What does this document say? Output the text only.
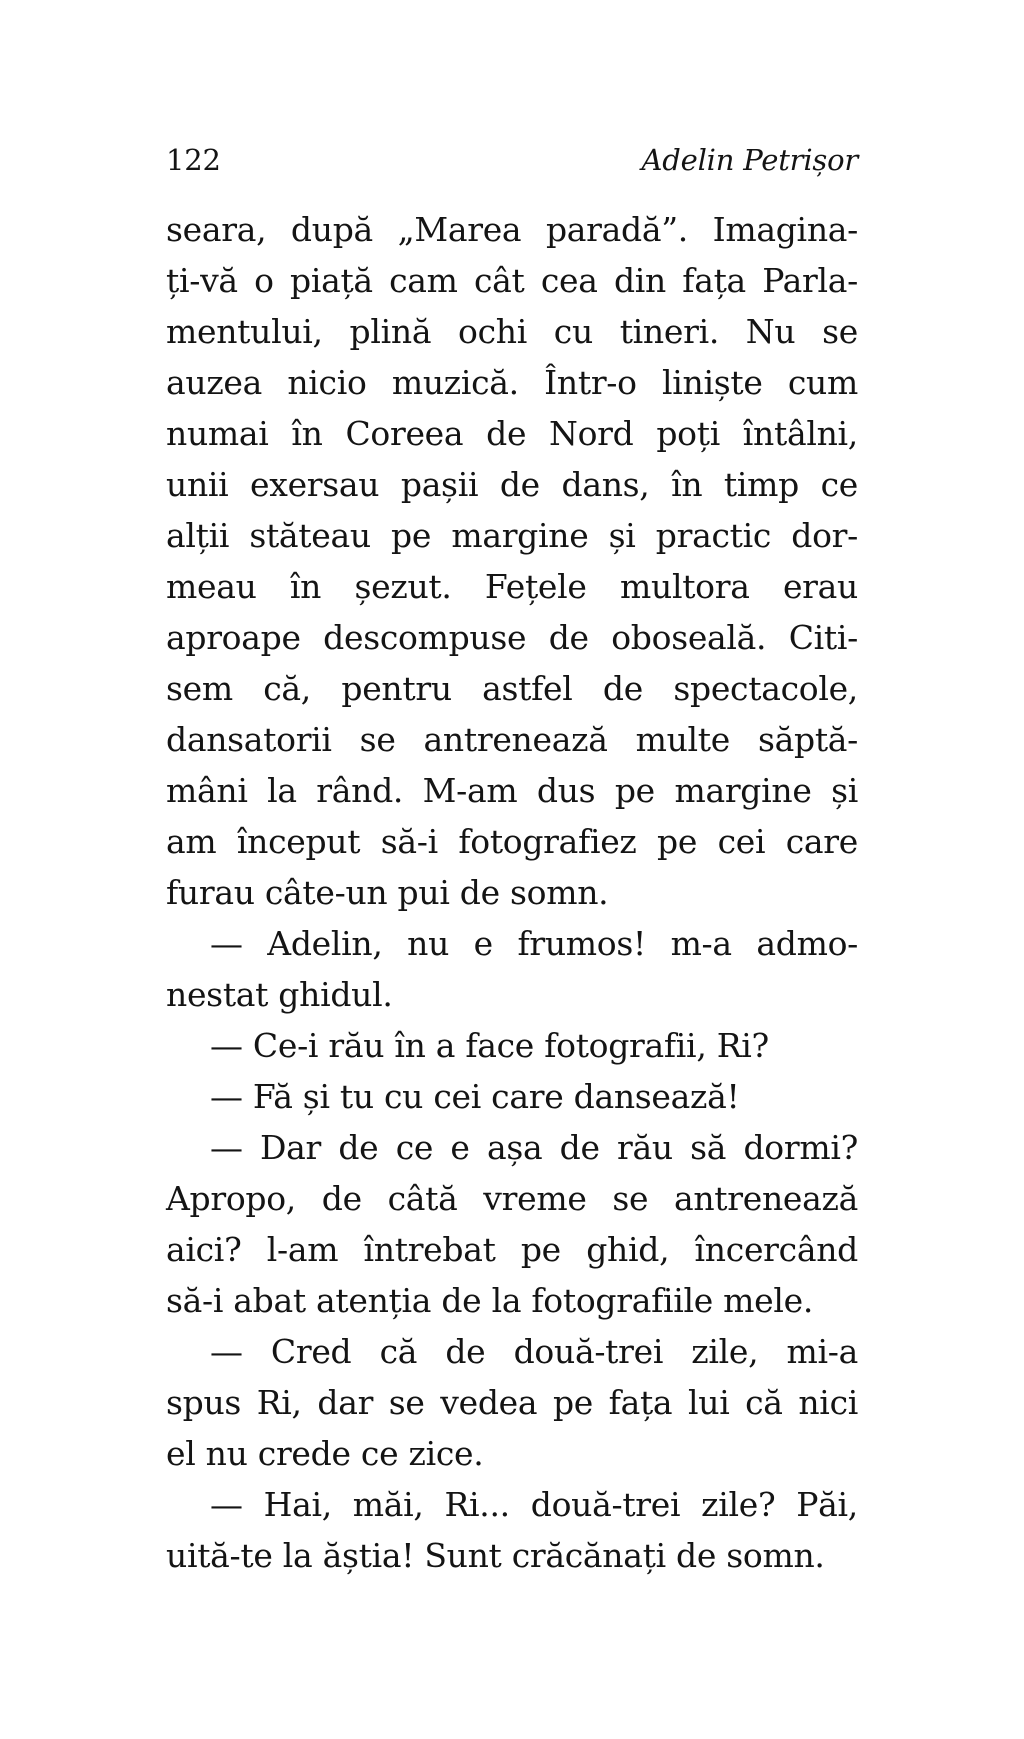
122	Adelin Petrișor
seara, după „Marea paradă”. Imagina-
ți-vă o piață cam cât cea din fața Parla-
mentului, plină ochi cu tineri. Nu se
auzea nicio muzică. Într-o liniște cum
numai în Coreea de Nord poți întâlni,
unii exersau pașii de dans, în timp ce
alții stăteau pe margine și practic dor-
meau în șezut. Fețele multora erau
aproape descompuse de oboseală. Citi-
sem că, pentru astfel de spectacole,
dansatorii se antrenează multe săptă-
mâni la rând. M-am dus pe margine și
am început să-i fotografiez pe cei care
furau câte-un pui de somn.
— Adelin, nu e frumos! m-a admo-
nestat ghidul.
— Ce-i rău în a face fotografii, Ri?
— Fă și tu cu cei care dansează!
— Dar de ce e așa de rău să dormi?
Apropo, de câtă vreme se antrenează
aici? l-am întrebat pe ghid, încercând
să-i abat atenția de la fotografiile mele.
— Cred că de două-trei zile, mi-a
spus Ri, dar se vedea pe fața lui că nici
el nu crede ce zice.
— Hai, măi, Ri... două-trei zile? Păi,
uită-te la ăștia! Sunt crăcănați de somn.
